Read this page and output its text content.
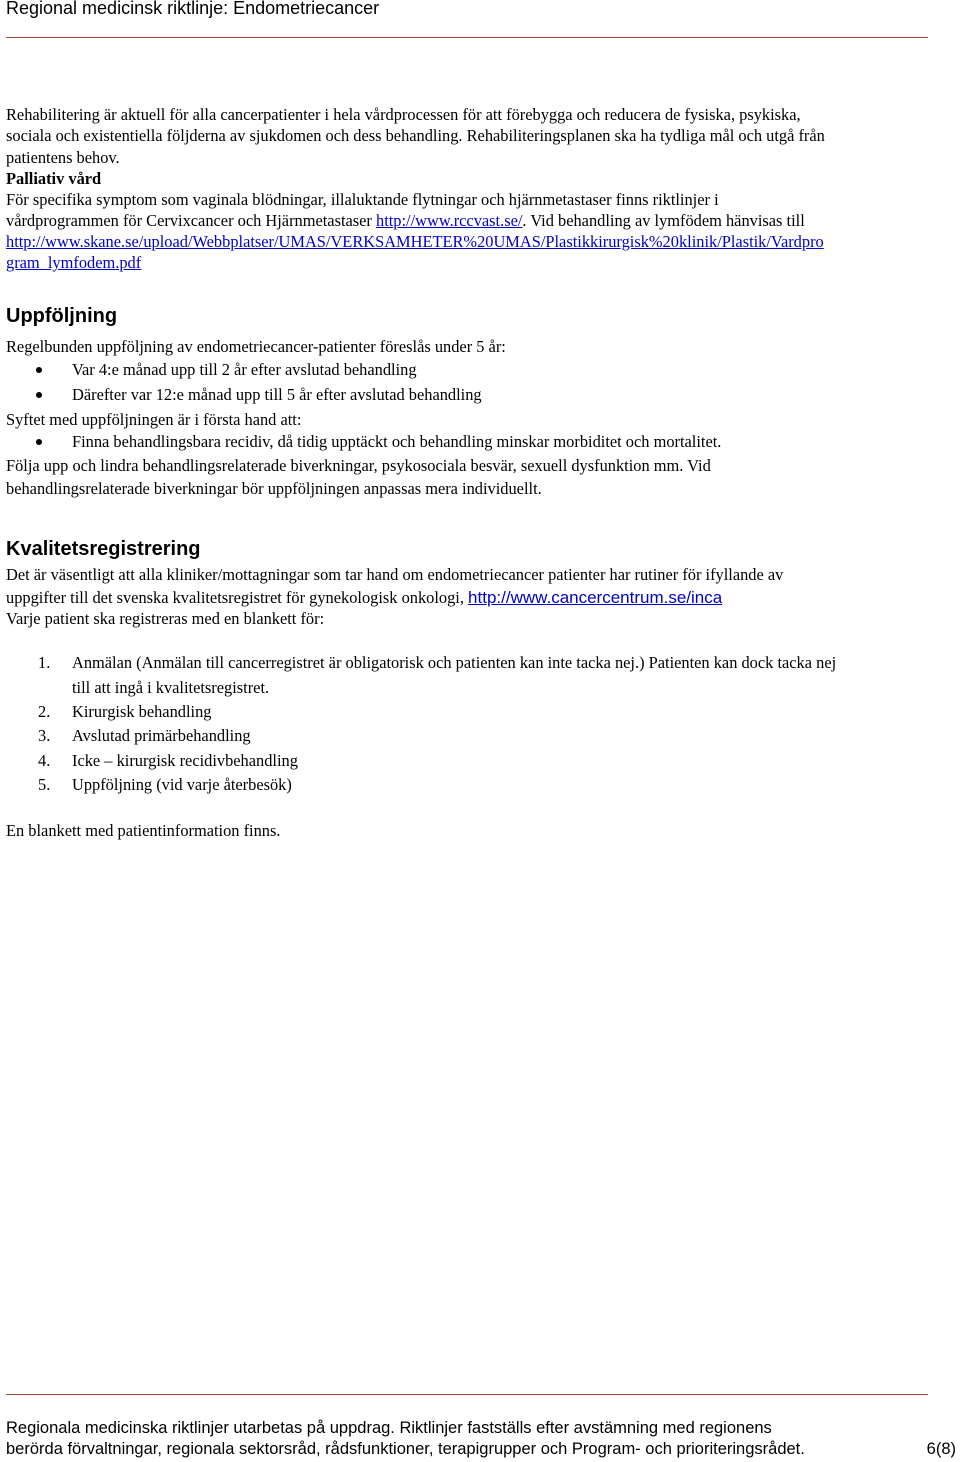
Regional medicinsk riktlinje: Endometriecancer
Rehabilitering är aktuell för alla cancerpatienter i hela vårdprocessen för att förebygga och reducera de fysiska, psykiska,
sociala och existentiella följderna av sjukdomen och dess behandling. Rehabiliteringsplanen ska ha tydliga mål och utgå från
patientens behov.
Palliativ vård
För specifika symptom som vaginala blödningar, illaluktande flytningar och hjärnmetastaser finns riktlinjer i
vårdprogrammen för Cervixcancer och Hjärnmetastaser http://www.rccvast.se/. Vid behandling av lymfödem hänvisas till
http://www.skane.se/upload/Webbplatser/UMAS/VERKSAMHETER%20UMAS/Plastikkirurgisk%20klinik/Plastik/Vardpro
gram_lymfodem.pdf
Uppföljning
Regelbunden uppföljning av endometriecancer-patienter föreslås under 5 år:
Var 4:e månad upp till 2 år efter avslutad behandling
Därefter var 12:e månad upp till 5 år efter avslutad behandling
Syftet med uppföljningen är i första hand att:
Finna behandlingsbara recidiv, då tidig upptäckt och behandling minskar morbiditet och mortalitet.
Följa upp och lindra behandlingsrelaterade biverkningar, psykosociala besvär, sexuell dysfunktion mm. Vid
behandlingsrelaterade biverkningar bör uppföljningen anpassas mera individuellt.
Kvalitetsregistrering
Det är väsentligt att alla kliniker/mottagningar som tar hand om endometriecancer patienter har rutiner för ifyllande av
uppgifter till det svenska kvalitetsregistret för gynekologisk onkologi, http://www.cancercentrum.se/inca
Varje patient ska registreras med en blankett för:
1. Anmälan (Anmälan till cancerregistret är obligatorisk och patienten kan inte tacka nej.) Patienten kan dock tacka nej
till att ingå i kvalitetsregistret.
2. Kirurgisk behandling
3. Avslutad primärbehandling
4. Icke – kirurgisk recidivbehandling
5. Uppföljning (vid varje återbesök)
En blankett med patientinformation finns.
Regionala medicinska riktlinjer utarbetas på uppdrag. Riktlinjer fastställs efter avstämning med regionens
berörda förvaltningar, regionala sektorsråd, rådsfunktioner, terapigrupper och Program- och prioriteringsrådet.	6(8)
